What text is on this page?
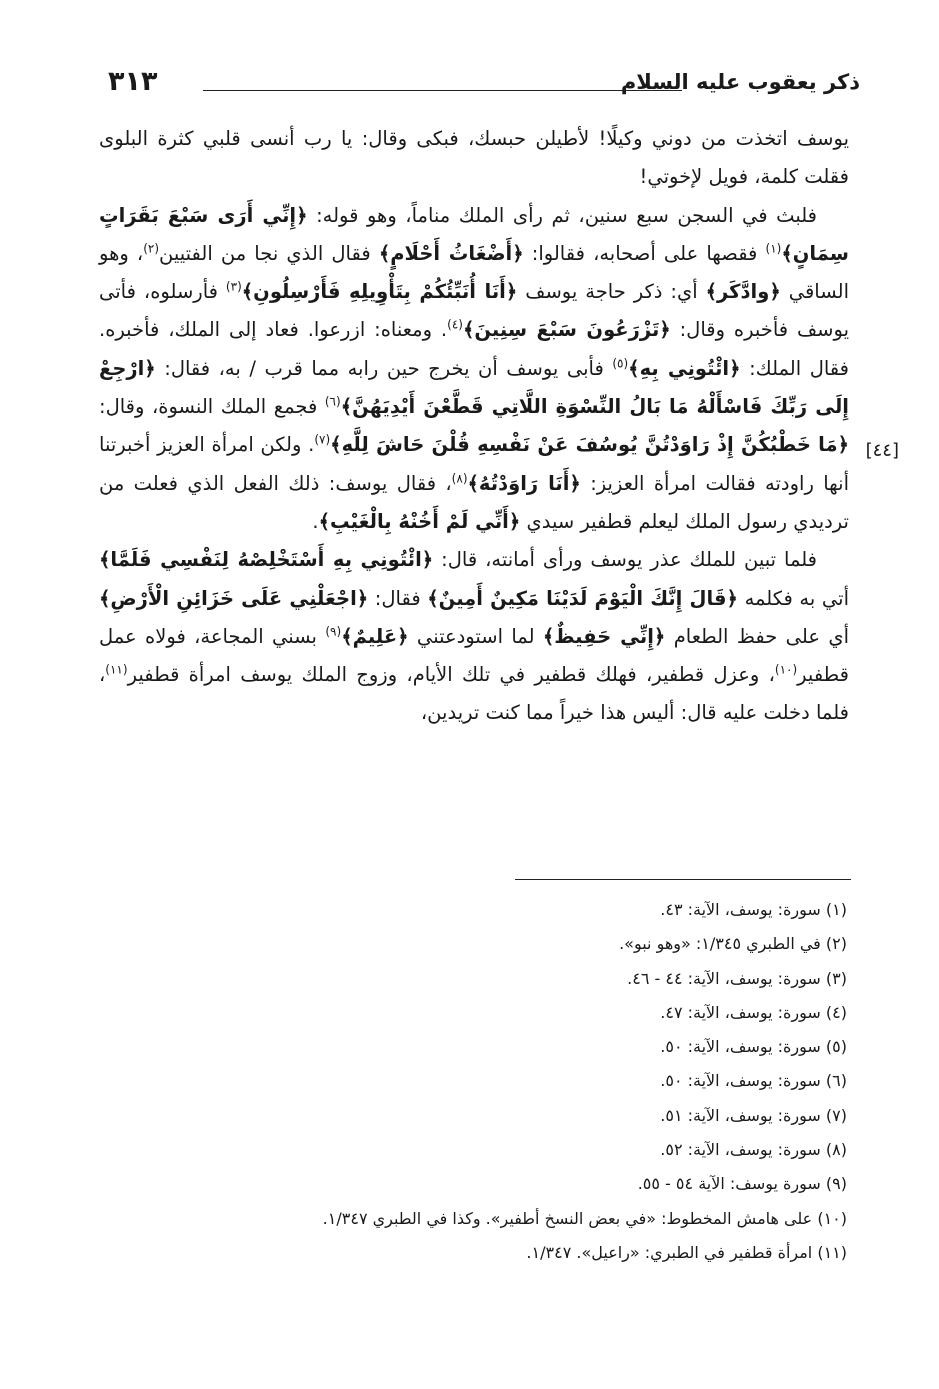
ذكر يعقوب عليه السلام
٣١٣
[٤٤]

يوسف اتخذت من دوني وكيلًا! لأطيلن حبسك، فبكى وقال: يا رب أنسى قلبي كثرة البلوى فقلت كلمة، فويل لإخوتي!

فلبث في السجن سبع سنين، ثم رأى الملك مناماً، وهو قوله: ﴿إِنِّي أَرَى سَبْعَ بَقَرَاتٍ سِمَانٍ﴾$^{(١)}$ فقصها على أصحابه، فقالوا: ﴿أَضْغَاثُ أَحْلَامٍ﴾ فقال الذي نجا من الفتيين$^{(٢)}$، وهو الساقي ﴿وادَّكَر﴾ أي: ذكر حاجة يوسف ﴿أَنَا أُنَبِّئُكُمْ بِتَأْوِيلِهِ فَأَرْسِلُونِ﴾$^{(٣)}$ فأرسلوه، فأتى يوسف فأخبره وقال: ﴿تَزْرَعُونَ سَبْعَ سِنِينَ﴾$^{(٤)}$. ومعناه: ازرعوا. فعاد إلى الملك، فأخبره. فقال الملك: ﴿ائْتُونِي بِهِ﴾$^{(٥)}$ فأبى يوسف أن يخرج حين رابه مما قرب / به، فقال: ﴿ارْجِعْ إِلَى رَبِّكَ فَاسْأَلْهُ مَا بَالُ النِّسْوَةِ اللَّاتِي قَطَّعْنَ أَيْدِيَهُنَّ﴾$^{(٦)}$ فجمع الملك النسوة، وقال: ﴿مَا خَطْبُكُنَّ إِذْ رَاوَدْتُنَّ يُوسُفَ عَنْ نَفْسِهِ قُلْنَ حَاشَ لِلَّهِ﴾$^{(٧)}$. ولكن امرأة العزيز أخبرتنا أنها راودته فقالت امرأة العزيز: ﴿أَنَا رَاوَدْتُهُ﴾$^{(٨)}$، فقال يوسف: ذلك الفعل الذي فعلت من ترديدي رسول الملك ليعلم قطفير سيدي ﴿أَنِّي لَمْ أَخُنْهُ بِالْغَيْبِ﴾.

فلما تبين للملك عذر يوسف ورأى أمانته، قال: ﴿ائْتُونِي بِهِ أَسْتَخْلِصْهُ لِنَفْسِي فَلَمَّا﴾ أتي به فكلمه ﴿قَالَ إِنَّكَ الْيَوْمَ لَدَيْنَا مَكِينٌ أَمِينٌ﴾ فقال: ﴿اجْعَلْنِي عَلَى خَزَائِنِ الْأَرْضِ﴾ أي على حفظ الطعام ﴿إِنِّي حَفِيظٌ﴾ لما استودعتني ﴿عَلِيمٌ﴾$^{(٩)}$ بسني المجاعة، فولاه عمل قطفير$^{(١٠)}$، وعزل قطفير، فهلك قطفير في تلك الأيام، وزوج الملك يوسف امرأة قطفير$^{(١١)}$، فلما دخلت عليه قال: أليس هذا خيراً مما كنت تريدين،

(١) سورة: يوسف، الآية: ٤٣.
(٢) في الطبري ١/٣٤٥: «وهو نبو».
(٣) سورة: يوسف، الآية: ٤٤ - ٤٦.
(٤) سورة: يوسف، الآية: ٤٧.
(٥) سورة: يوسف، الآية: ٥٠.
(٦) سورة: يوسف، الآية: ٥٠.
(٧) سورة: يوسف، الآية: ٥١.
(٨) سورة: يوسف، الآية: ٥٢.
(٩) سورة يوسف: الآية ٥٤ - ٥٥.
(١٠) على هامش المخطوط: «في بعض النسخ أطفير». وكذا في الطبري ١/٣٤٧.
(١١) امرأة قطفير في الطبري: «راعيل». ١/٣٤٧.
